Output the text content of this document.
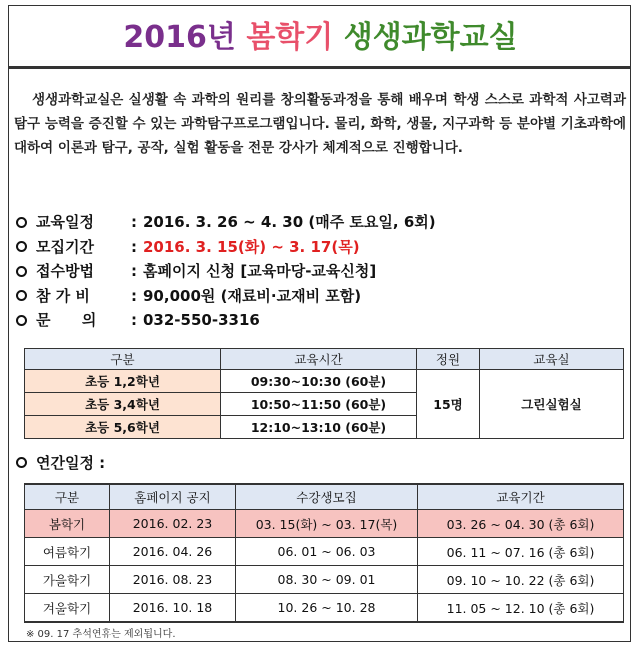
2016년 봄학기 생생과학교실
생생과학교실은 실생활 속 과학의 원리를 창의활동과정을 통해 배우며 학생 스스로 과학적 사고력과 탐구 능력을 증진할 수 있는 과학탐구프로그램입니다. 물리, 화학, 생물, 지구과학 등 분야별 기초과학에 대하여 이론과 탐구, 공작, 실험 활동을 전문 강사가 체계적으로 진행합니다.
교육일정	: 2016. 3. 26 ~ 4. 30 (매주 토요일, 6회)
모집기간	: 2016. 3. 15(화) ~ 3. 17(목)
접수방법	: 홈페이지 신청 [교육마당-교육신청]
참 가 비	: 90,000원 (재료비·교재비 포함)
문      의	: 032-550-3316
구분	교육시간	정원	교육실
초등 1,2학년	09:30~10:30 (60분)	15명	그린실험실
초등 3,4학년	10:50~11:50 (60분)		
초등 5,6학년	12:10~13:10 (60분)		
연간일정 :
구분	홈페이지 공지	수강생모집	교육기간
봄학기	2016. 02. 23	03. 15(화) ~ 03. 17(목)	03. 26 ~ 04. 30 (총 6회)
여름학기	2016. 04. 26	06. 01 ~ 06. 03	06. 11 ~ 07. 16 (총 6회)
가을학기	2016. 08. 23	08. 30 ~ 09. 01	09. 10 ~ 10. 22 (총 6회)
겨울학기	2016. 10. 18	10. 26 ~ 10. 28	11. 05 ~ 12. 10 (총 6회)
※ 09. 17 추석연휴는 제외됩니다.
